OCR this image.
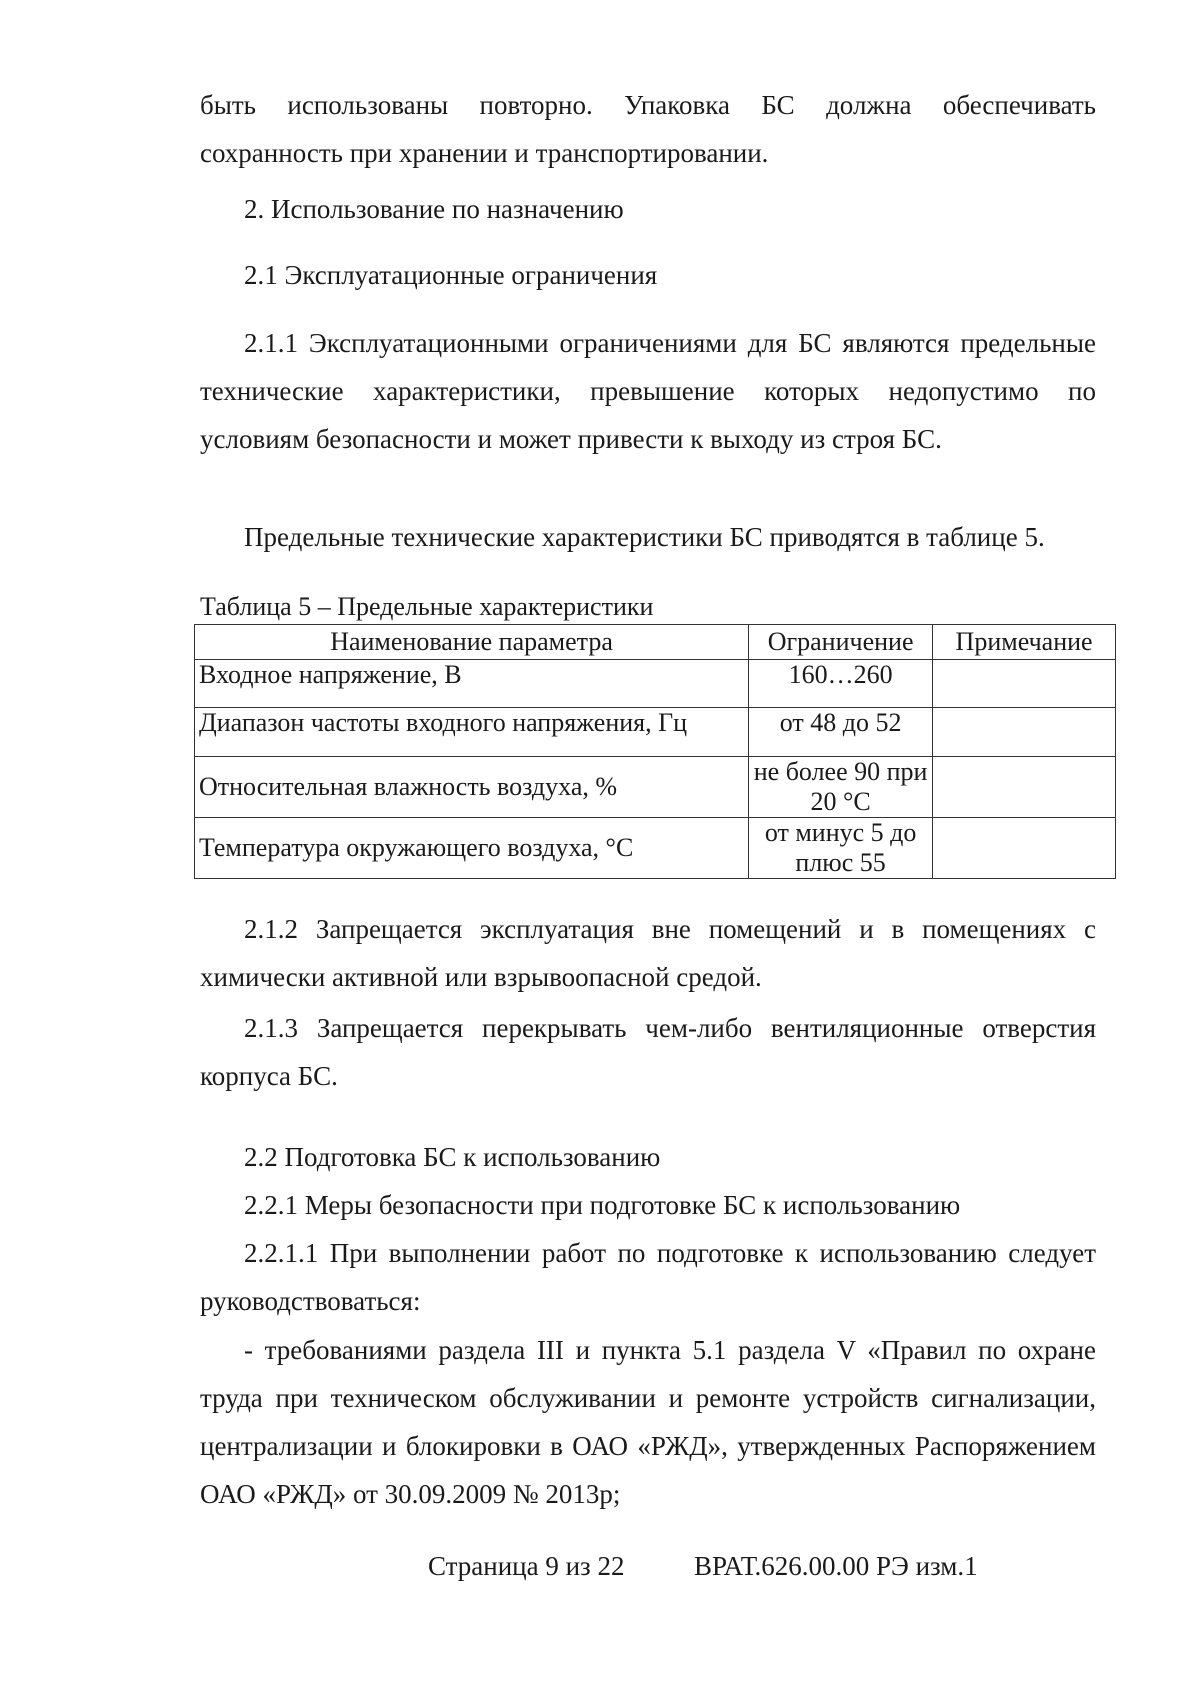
быть использованы повторно. Упаковка БС должна обеспечивать сохранность при хранении и транспортировании.
2. Использование по назначению
2.1 Эксплуатационные ограничения
2.1.1 Эксплуатационными ограничениями для БС являются предельные технические характеристики, превышение которых недопустимо по условиям безопасности и может привести к выходу из строя БС.
Предельные технические характеристики БС приводятся в таблице 5.
Таблица 5 – Предельные характеристики
Наименование параметра	Ограничение	Примечание
Входное напряжение, В	160…260	
Диапазон частоты входного напряжения, Гц	от 48 до 52	
Относительная влажность воздуха, %	не более 90 при 20 °С	
Температура окружающего воздуха, °С	от минус 5 до плюс 55	
2.1.2 Запрещается эксплуатация вне помещений и в помещениях с химически активной или взрывоопасной средой.
2.1.3 Запрещается перекрывать чем-либо вентиляционные отверстия корпуса БС.
2.2 Подготовка БС к использованию
2.2.1 Меры безопасности при подготовке БС к использованию
2.2.1.1 При выполнении работ по подготовке к использованию следует руководствоваться:
- требованиями раздела III и пункта 5.1 раздела V «Правил по охране труда при техническом обслуживании и ремонте устройств сигнализации, централизации и блокировки в ОАО «РЖД», утвержденных Распоряжением ОАО «РЖД» от 30.09.2009 № 2013р;
Страница 9 из 22	ВРАТ.626.00.00 РЭ изм.1
